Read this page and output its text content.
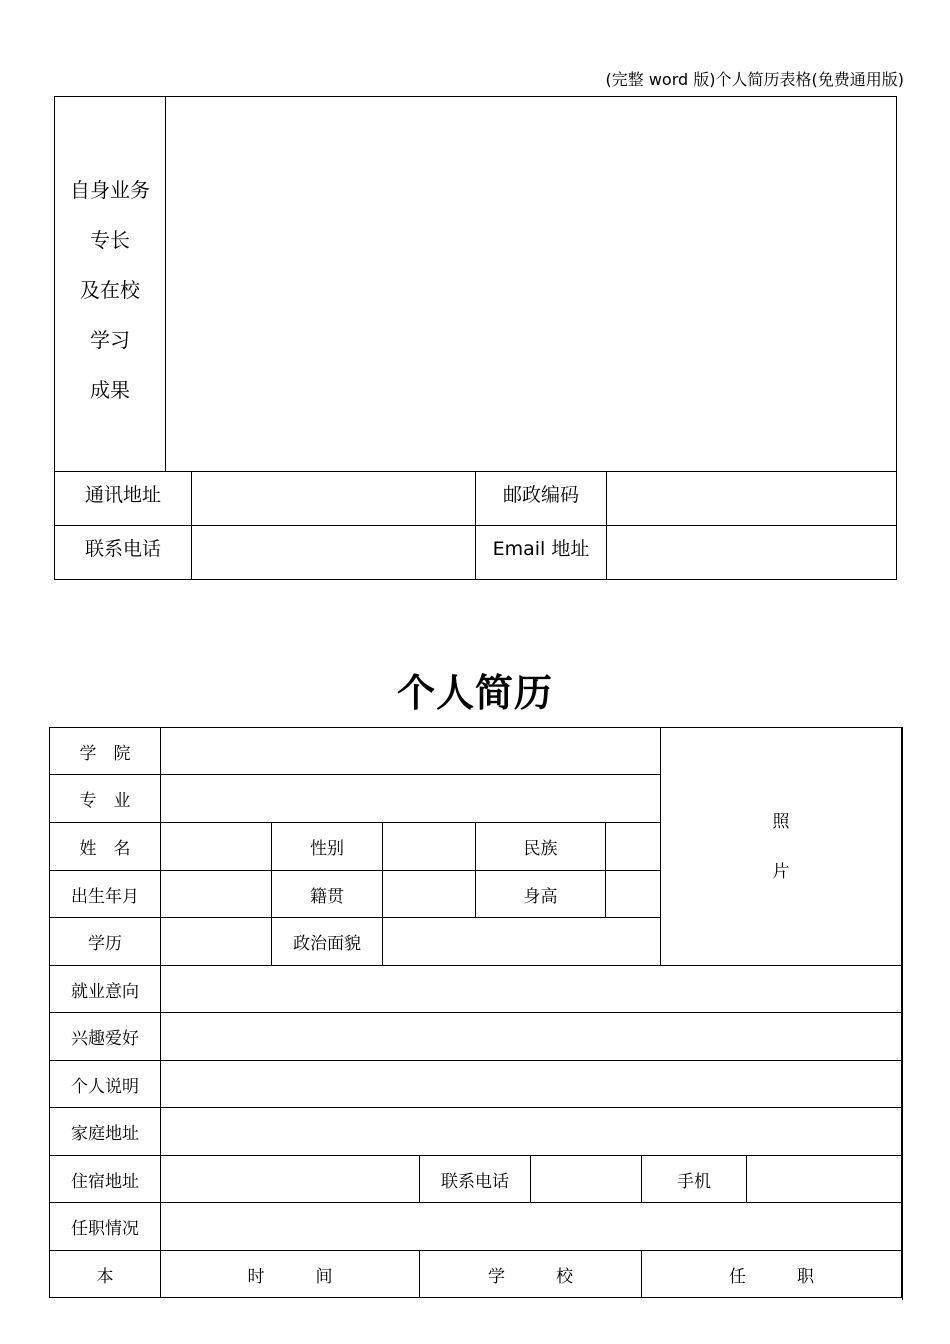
(完整 word 版)个人简历表格(免费通用版)
自身业务
专长
及在校
学习
成果				

通讯地址			邮政编码	
联系电话			Email 地址	
个人简历
学　院									照
片	

专　业										
姓　名		性别			民族					
出生年月		籍贯			身高					
学历		政治面貌								
就业意向										
兴趣爱好										
个人说明										
家庭地址										
住宿地址				联系电话				手机		
任职情况										
本	时　　　间			学　　　校				任　　　职		
